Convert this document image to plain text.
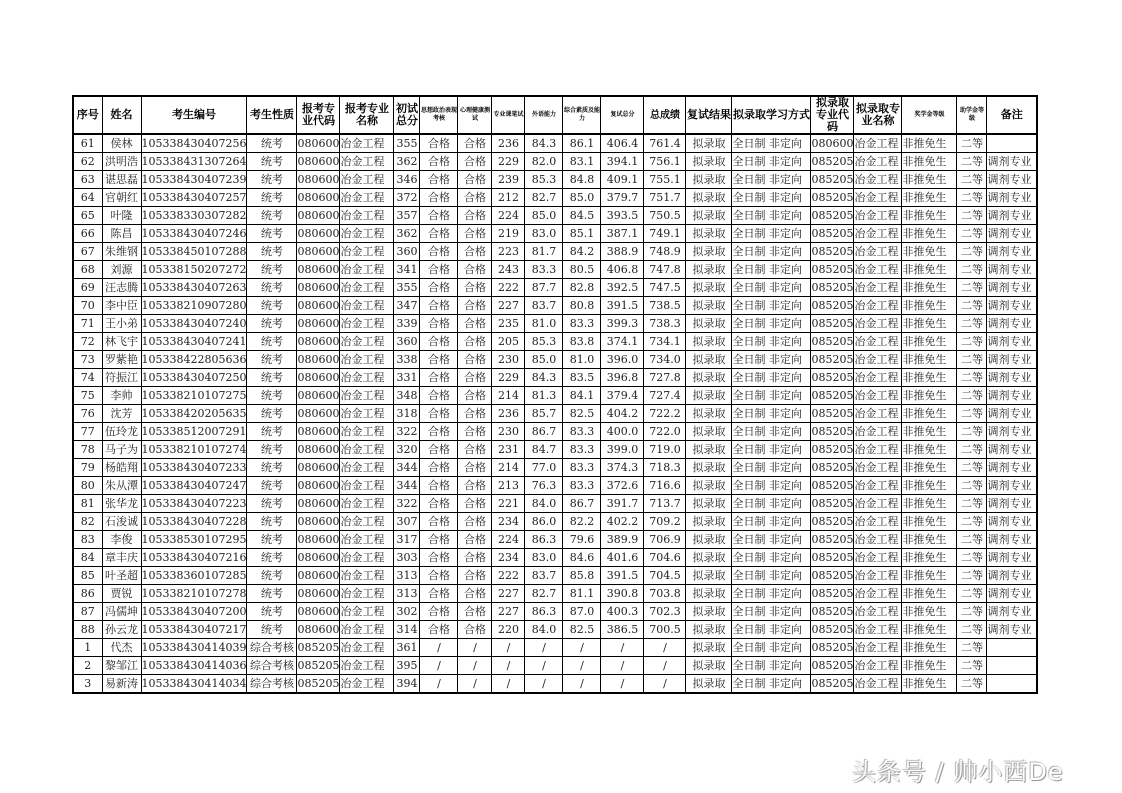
序号	姓名	考生编号	考生性质	报考专业代码	报考专业名称	初试总分	思想政治表现考核	心理健康测试	专业课笔试	外语能力	综合素质及能力	复试总分	总成绩	复试结果	拟录取学习方式	拟录取专业代码	拟录取专业名称	奖学金等级	助学金等级	备注
61	侯林	105338430407256	统考	080600	冶金工程	355	合格	合格	236	84.3	86.1	406.4	761.4	拟录取	全日制 非定向	080600	冶金工程	非推免生	二等	
62	洪明浩	105338431307264	统考	080600	冶金工程	362	合格	合格	229	82.0	83.1	394.1	756.1	拟录取	全日制 非定向	085205	冶金工程	非推免生	二等	调剂专业
63	谌思磊	105338430407239	统考	080600	冶金工程	346	合格	合格	239	85.3	84.8	409.1	755.1	拟录取	全日制 非定向	085205	冶金工程	非推免生	二等	调剂专业
64	官朝红	105338430407257	统考	080600	冶金工程	372	合格	合格	212	82.7	85.0	379.7	751.7	拟录取	全日制 非定向	085205	冶金工程	非推免生	二等	调剂专业
65	叶隆	105338330307282	统考	080600	冶金工程	357	合格	合格	224	85.0	84.5	393.5	750.5	拟录取	全日制 非定向	085205	冶金工程	非推免生	二等	调剂专业
66	陈昌	105338430407246	统考	080600	冶金工程	362	合格	合格	219	83.0	85.1	387.1	749.1	拟录取	全日制 非定向	085205	冶金工程	非推免生	二等	调剂专业
67	朱维钢	105338450107288	统考	080600	冶金工程	360	合格	合格	223	81.7	84.2	388.9	748.9	拟录取	全日制 非定向	085205	冶金工程	非推免生	二等	调剂专业
68	刘源	105338150207272	统考	080600	冶金工程	341	合格	合格	243	83.3	80.5	406.8	747.8	拟录取	全日制 非定向	085205	冶金工程	非推免生	二等	调剂专业
69	汪志腾	105338430407263	统考	080600	冶金工程	355	合格	合格	222	87.7	82.8	392.5	747.5	拟录取	全日制 非定向	085205	冶金工程	非推免生	二等	调剂专业
70	李中臣	105338210907280	统考	080600	冶金工程	347	合格	合格	227	83.7	80.8	391.5	738.5	拟录取	全日制 非定向	085205	冶金工程	非推免生	二等	调剂专业
71	王小弟	105338430407240	统考	080600	冶金工程	339	合格	合格	235	81.0	83.3	399.3	738.3	拟录取	全日制 非定向	085205	冶金工程	非推免生	二等	调剂专业
72	林飞宇	105338430407241	统考	080600	冶金工程	360	合格	合格	205	85.3	83.8	374.1	734.1	拟录取	全日制 非定向	085205	冶金工程	非推免生	二等	调剂专业
73	罗紫艳	105338422805636	统考	080600	冶金工程	338	合格	合格	230	85.0	81.0	396.0	734.0	拟录取	全日制 非定向	085205	冶金工程	非推免生	二等	调剂专业
74	符振江	105338430407250	统考	080600	冶金工程	331	合格	合格	229	84.3	83.5	396.8	727.8	拟录取	全日制 非定向	085205	冶金工程	非推免生	二等	调剂专业
75	李帅	105338210107275	统考	080600	冶金工程	348	合格	合格	214	81.3	84.1	379.4	727.4	拟录取	全日制 非定向	085205	冶金工程	非推免生	二等	调剂专业
76	沈芳	105338420205635	统考	080600	冶金工程	318	合格	合格	236	85.7	82.5	404.2	722.2	拟录取	全日制 非定向	085205	冶金工程	非推免生	二等	调剂专业
77	伍玲龙	105338512007291	统考	080600	冶金工程	322	合格	合格	230	86.7	83.3	400.0	722.0	拟录取	全日制 非定向	085205	冶金工程	非推免生	二等	调剂专业
78	马子为	105338210107274	统考	080600	冶金工程	320	合格	合格	231	84.7	83.3	399.0	719.0	拟录取	全日制 非定向	085205	冶金工程	非推免生	二等	调剂专业
79	杨皓翔	105338430407233	统考	080600	冶金工程	344	合格	合格	214	77.0	83.3	374.3	718.3	拟录取	全日制 非定向	085205	冶金工程	非推免生	二等	调剂专业
80	朱从潭	105338430407247	统考	080600	冶金工程	344	合格	合格	213	76.3	83.3	372.6	716.6	拟录取	全日制 非定向	085205	冶金工程	非推免生	二等	调剂专业
81	张华龙	105338430407223	统考	080600	冶金工程	322	合格	合格	221	84.0	86.7	391.7	713.7	拟录取	全日制 非定向	085205	冶金工程	非推免生	二等	调剂专业
82	石浚诚	105338430407228	统考	080600	冶金工程	307	合格	合格	234	86.0	82.2	402.2	709.2	拟录取	全日制 非定向	085205	冶金工程	非推免生	二等	调剂专业
83	李俊	105338530107295	统考	080600	冶金工程	317	合格	合格	224	86.3	79.6	389.9	706.9	拟录取	全日制 非定向	085205	冶金工程	非推免生	二等	调剂专业
84	章丰庆	105338430407216	统考	080600	冶金工程	303	合格	合格	234	83.0	84.6	401.6	704.6	拟录取	全日制 非定向	085205	冶金工程	非推免生	二等	调剂专业
85	叶圣超	105338360107285	统考	080600	冶金工程	313	合格	合格	222	83.7	85.8	391.5	704.5	拟录取	全日制 非定向	085205	冶金工程	非推免生	二等	调剂专业
86	贾锐	105338210107278	统考	080600	冶金工程	313	合格	合格	227	82.7	81.1	390.8	703.8	拟录取	全日制 非定向	085205	冶金工程	非推免生	二等	调剂专业
87	冯儒坤	105338430407200	统考	080600	冶金工程	302	合格	合格	227	86.3	87.0	400.3	702.3	拟录取	全日制 非定向	085205	冶金工程	非推免生	二等	调剂专业
88	孙云龙	105338430407217	统考	080600	冶金工程	314	合格	合格	220	84.0	82.5	386.5	700.5	拟录取	全日制 非定向	085205	冶金工程	非推免生	二等	调剂专业
1	代杰	105338430414039	综合考核	085205	冶金工程	361	/	/	/	/	/	/	/	拟录取	全日制 非定向	085205	冶金工程	非推免生	二等	
2	黎邹江	105338430414036	综合考核	085205	冶金工程	395	/	/	/	/	/	/	/	拟录取	全日制 非定向	085205	冶金工程	非推免生	二等	
3	易新涛	105338430414034	综合考核	085205	冶金工程	394	/	/	/	/	/	/	/	拟录取	全日制 非定向	085205	冶金工程	非推免生	二等	
头条号 / 帅小西De
